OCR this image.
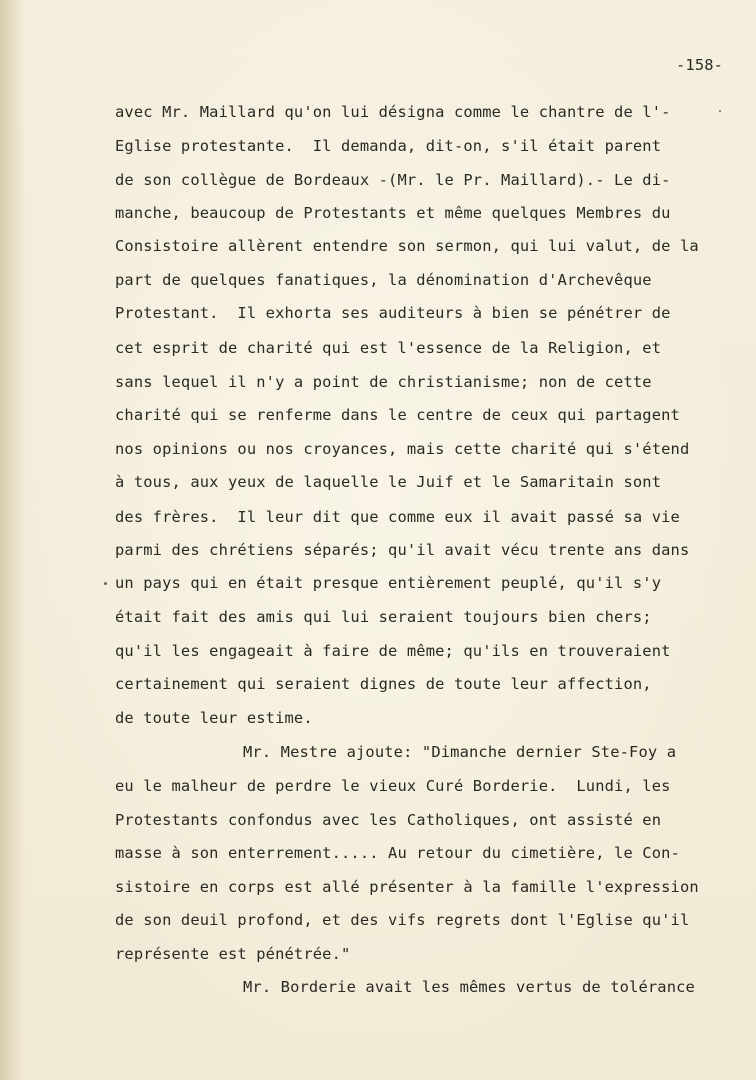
-158-
avec Mr. Maillard qu'on lui désigna comme le chantre de l'-
Eglise protestante.  Il demanda, dit-on, s'il était parent
de son collègue de Bordeaux -(Mr. le Pr. Maillard).- Le di-
manche, beaucoup de Protestants et même quelques Membres du
Consistoire allèrent entendre son sermon, qui lui valut, de la
part de quelques fanatiques, la dénomination d'Archevêque
Protestant.  Il exhorta ses auditeurs à bien se pénétrer de
cet esprit de charité qui est l'essence de la Religion, et
sans lequel il n'y a point de christianisme; non de cette
charité qui se renferme dans le centre de ceux qui partagent
nos opinions ou nos croyances, mais cette charité qui s'étend
à tous, aux yeux de laquelle le Juif et le Samaritain sont
des frères.  Il leur dit que comme eux il avait passé sa vie
parmi des chrétiens séparés; qu'il avait vécu trente ans dans
un pays qui en était presque entièrement peuplé, qu'il s'y
était fait des amis qui lui seraient toujours bien chers;
qu'il les engageait à faire de même; qu'ils en trouveraient
certainement qui seraient dignes de toute leur affection,
de toute leur estime.
Mr. Mestre ajoute: "Dimanche dernier Ste-Foy a
eu le malheur de perdre le vieux Curé Borderie.  Lundi, les
Protestants confondus avec les Catholiques, ont assisté en
masse à son enterrement..... Au retour du cimetière, le Con-
sistoire en corps est allé présenter à la famille l'expression
de son deuil profond, et des vifs regrets dont l'Eglise qu'il
représente est pénétrée."
Mr. Borderie avait les mêmes vertus de tolérance
